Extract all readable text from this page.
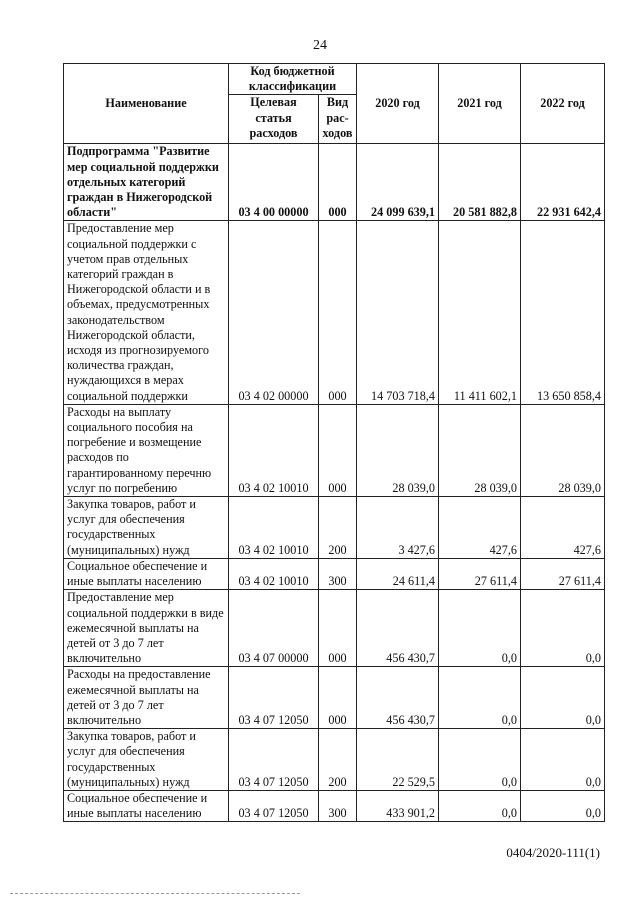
24
Наименование	Код бюджетной классификации		2020 год	2021 год	2022 год
	Целевая статья расходов	Вид рас-ходов			
Подпрограмма "Развитие мер социальной поддержки отдельных категорий граждан в Нижегородской области"	03 4 00 00000	000	24 099 639,1	20 581 882,8	22 931 642,4
Предоставление мер социальной поддержки с учетом прав отдельных категорий граждан в Нижегородской области и в объемах, предусмотренных законодательством Нижегородской области, исходя из прогнозируемого количества граждан, нуждающихся в мерах социальной поддержки	03 4 02 00000	000	14 703 718,4	11 411 602,1	13 650 858,4
Расходы на выплату социального пособия на погребение и возмещение расходов по гарантированному перечню услуг по погребению	03 4 02 10010	000	28 039,0	28 039,0	28 039,0
Закупка товаров, работ и услуг для обеспечения государственных (муниципальных) нужд	03 4 02 10010	200	3 427,6	427,6	427,6
Социальное обеспечение и иные выплаты населению	03 4 02 10010	300	24 611,4	27 611,4	27 611,4
Предоставление мер социальной поддержки в виде ежемесячной выплаты на детей от 3 до 7 лет включительно	03 4 07 00000	000	456 430,7	0,0	0,0
Расходы на предоставление ежемесячной выплаты на детей от 3 до 7 лет включительно	03 4 07 12050	000	456 430,7	0,0	0,0
Закупка товаров, работ и услуг для обеспечения государственных (муниципальных) нужд	03 4 07 12050	200	22 529,5	0,0	0,0
Социальное обеспечение и иные выплаты населению	03 4 07 12050	300	433 901,2	0,0	0,0
0404/2020-111(1)
